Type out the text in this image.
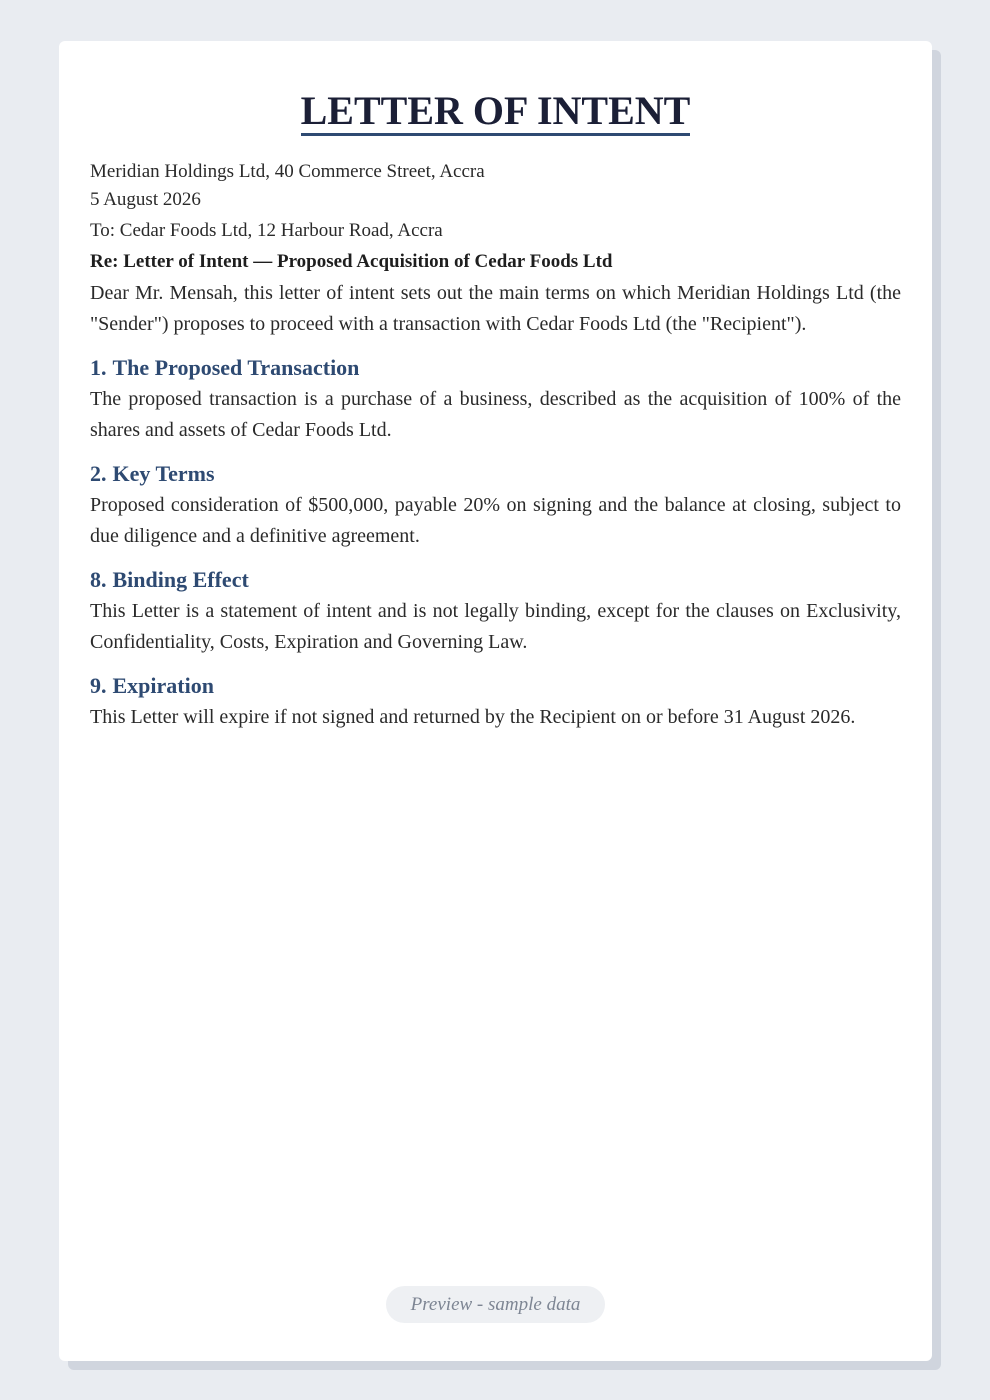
LETTER OF INTENT

Meridian Holdings Ltd, 40 Commerce Street, Accra

5 August 2026

To: Cedar Foods Ltd, 12 Harbour Road, Accra

Re: Letter of Intent — Proposed Acquisition of Cedar Foods Ltd

Dear Mr. Mensah, this letter of intent sets out the main terms on which Meridian Holdings Ltd (the "Sender") proposes to proceed with a transaction with Cedar Foods Ltd (the "Recipient").

1. The Proposed Transaction

The proposed transaction is a purchase of a business, described as the acquisition of 100% of the shares and assets of Cedar Foods Ltd.

2. Key Terms

Proposed consideration of $500,000, payable 20% on signing and the balance at closing, subject to due diligence and a definitive agreement.

8. Binding Effect

This Letter is a statement of intent and is not legally binding, except for the clauses on Exclusivity, Confidentiality, Costs, Expiration and Governing Law.

9. Expiration

This Letter will expire if not signed and returned by the Recipient on or before 31 August 2026.

Preview - sample data
